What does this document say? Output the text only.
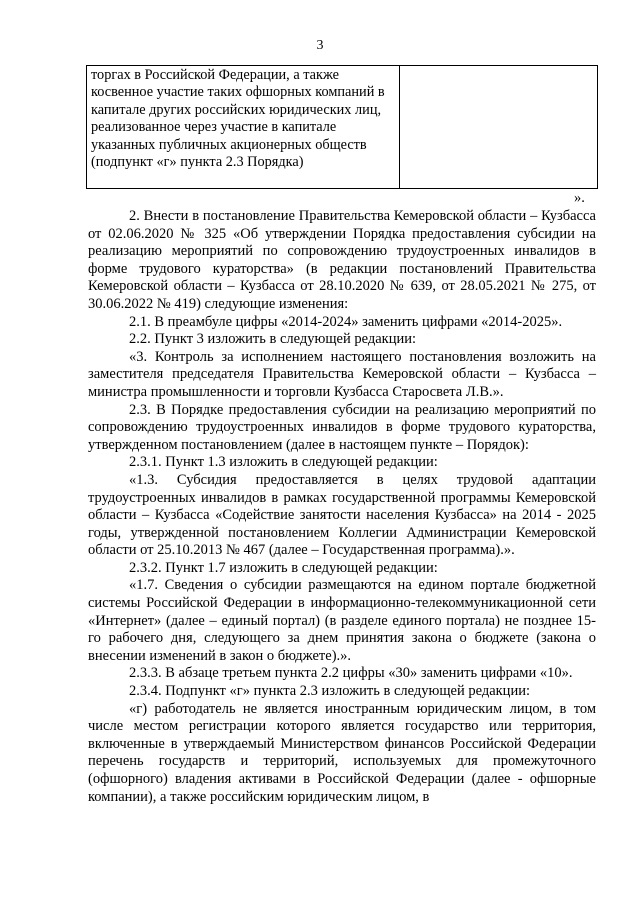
3
торгах в Российской Федерации, а также косвенное участие таких офшорных компаний в капитале других российских юридических лиц, реализованное через участие в капитале указанных публичных акционерных обществ (подпункт «г» пункта 2.3 Порядка)	
».

2. Внести в постановление Правительства Кемеровской области – Кузбасса от 02.06.2020 № 325 «Об утверждении Порядка предоставления субсидии на реализацию мероприятий по сопровождению трудоустроенных инвалидов в форме трудового кураторства» (в редакции постановлений Правительства Кемеровской области – Кузбасса от 28.10.2020 № 639, от 28.05.2021 № 275, от 30.06.2022 № 419) следующие изменения:

2.1. В преамбуле цифры «2014-2024» заменить цифрами «2014-2025».

2.2. Пункт 3 изложить в следующей редакции:

«3. Контроль за исполнением настоящего постановления возложить на заместителя председателя Правительства Кемеровской области – Кузбасса – министра промышленности и торговли Кузбасса Старосвета Л.В.».

2.3. В Порядке предоставления субсидии на реализацию мероприятий по сопровождению трудоустроенных инвалидов в форме трудового кураторства, утвержденном постановлением (далее в настоящем пункте – Порядок):

2.3.1. Пункт 1.3 изложить в следующей редакции:

«1.3. Субсидия предоставляется в целях трудовой адаптации трудоустроенных инвалидов в рамках государственной программы Кемеровской области – Кузбасса «Содействие занятости населения Кузбасса» на 2014 - 2025 годы, утвержденной постановлением Коллегии Администрации Кемеровской области от 25.10.2013 № 467 (далее – Государственная программа).».

2.3.2. Пункт 1.7 изложить в следующей редакции:

«1.7. Сведения о субсидии размещаются на едином портале бюджетной системы Российской Федерации в информационно-телекоммуникационной сети «Интернет» (далее – единый портал) (в разделе единого портала) не позднее 15-го рабочего дня, следующего за днем принятия закона о бюджете (закона о внесении изменений в закон о бюджете).».

2.3.3. В абзаце третьем пункта 2.2 цифры «30» заменить цифрами «10».

2.3.4. Подпункт «г» пункта 2.3 изложить в следующей редакции:

«г) работодатель не является иностранным юридическим лицом, в том числе местом регистрации которого является государство или территория, включенные в утверждаемый Министерством финансов Российской Федерации перечень государств и территорий, используемых для промежуточного (офшорного) владения активами в Российской Федерации (далее - офшорные компании), а также российским юридическим лицом, в
